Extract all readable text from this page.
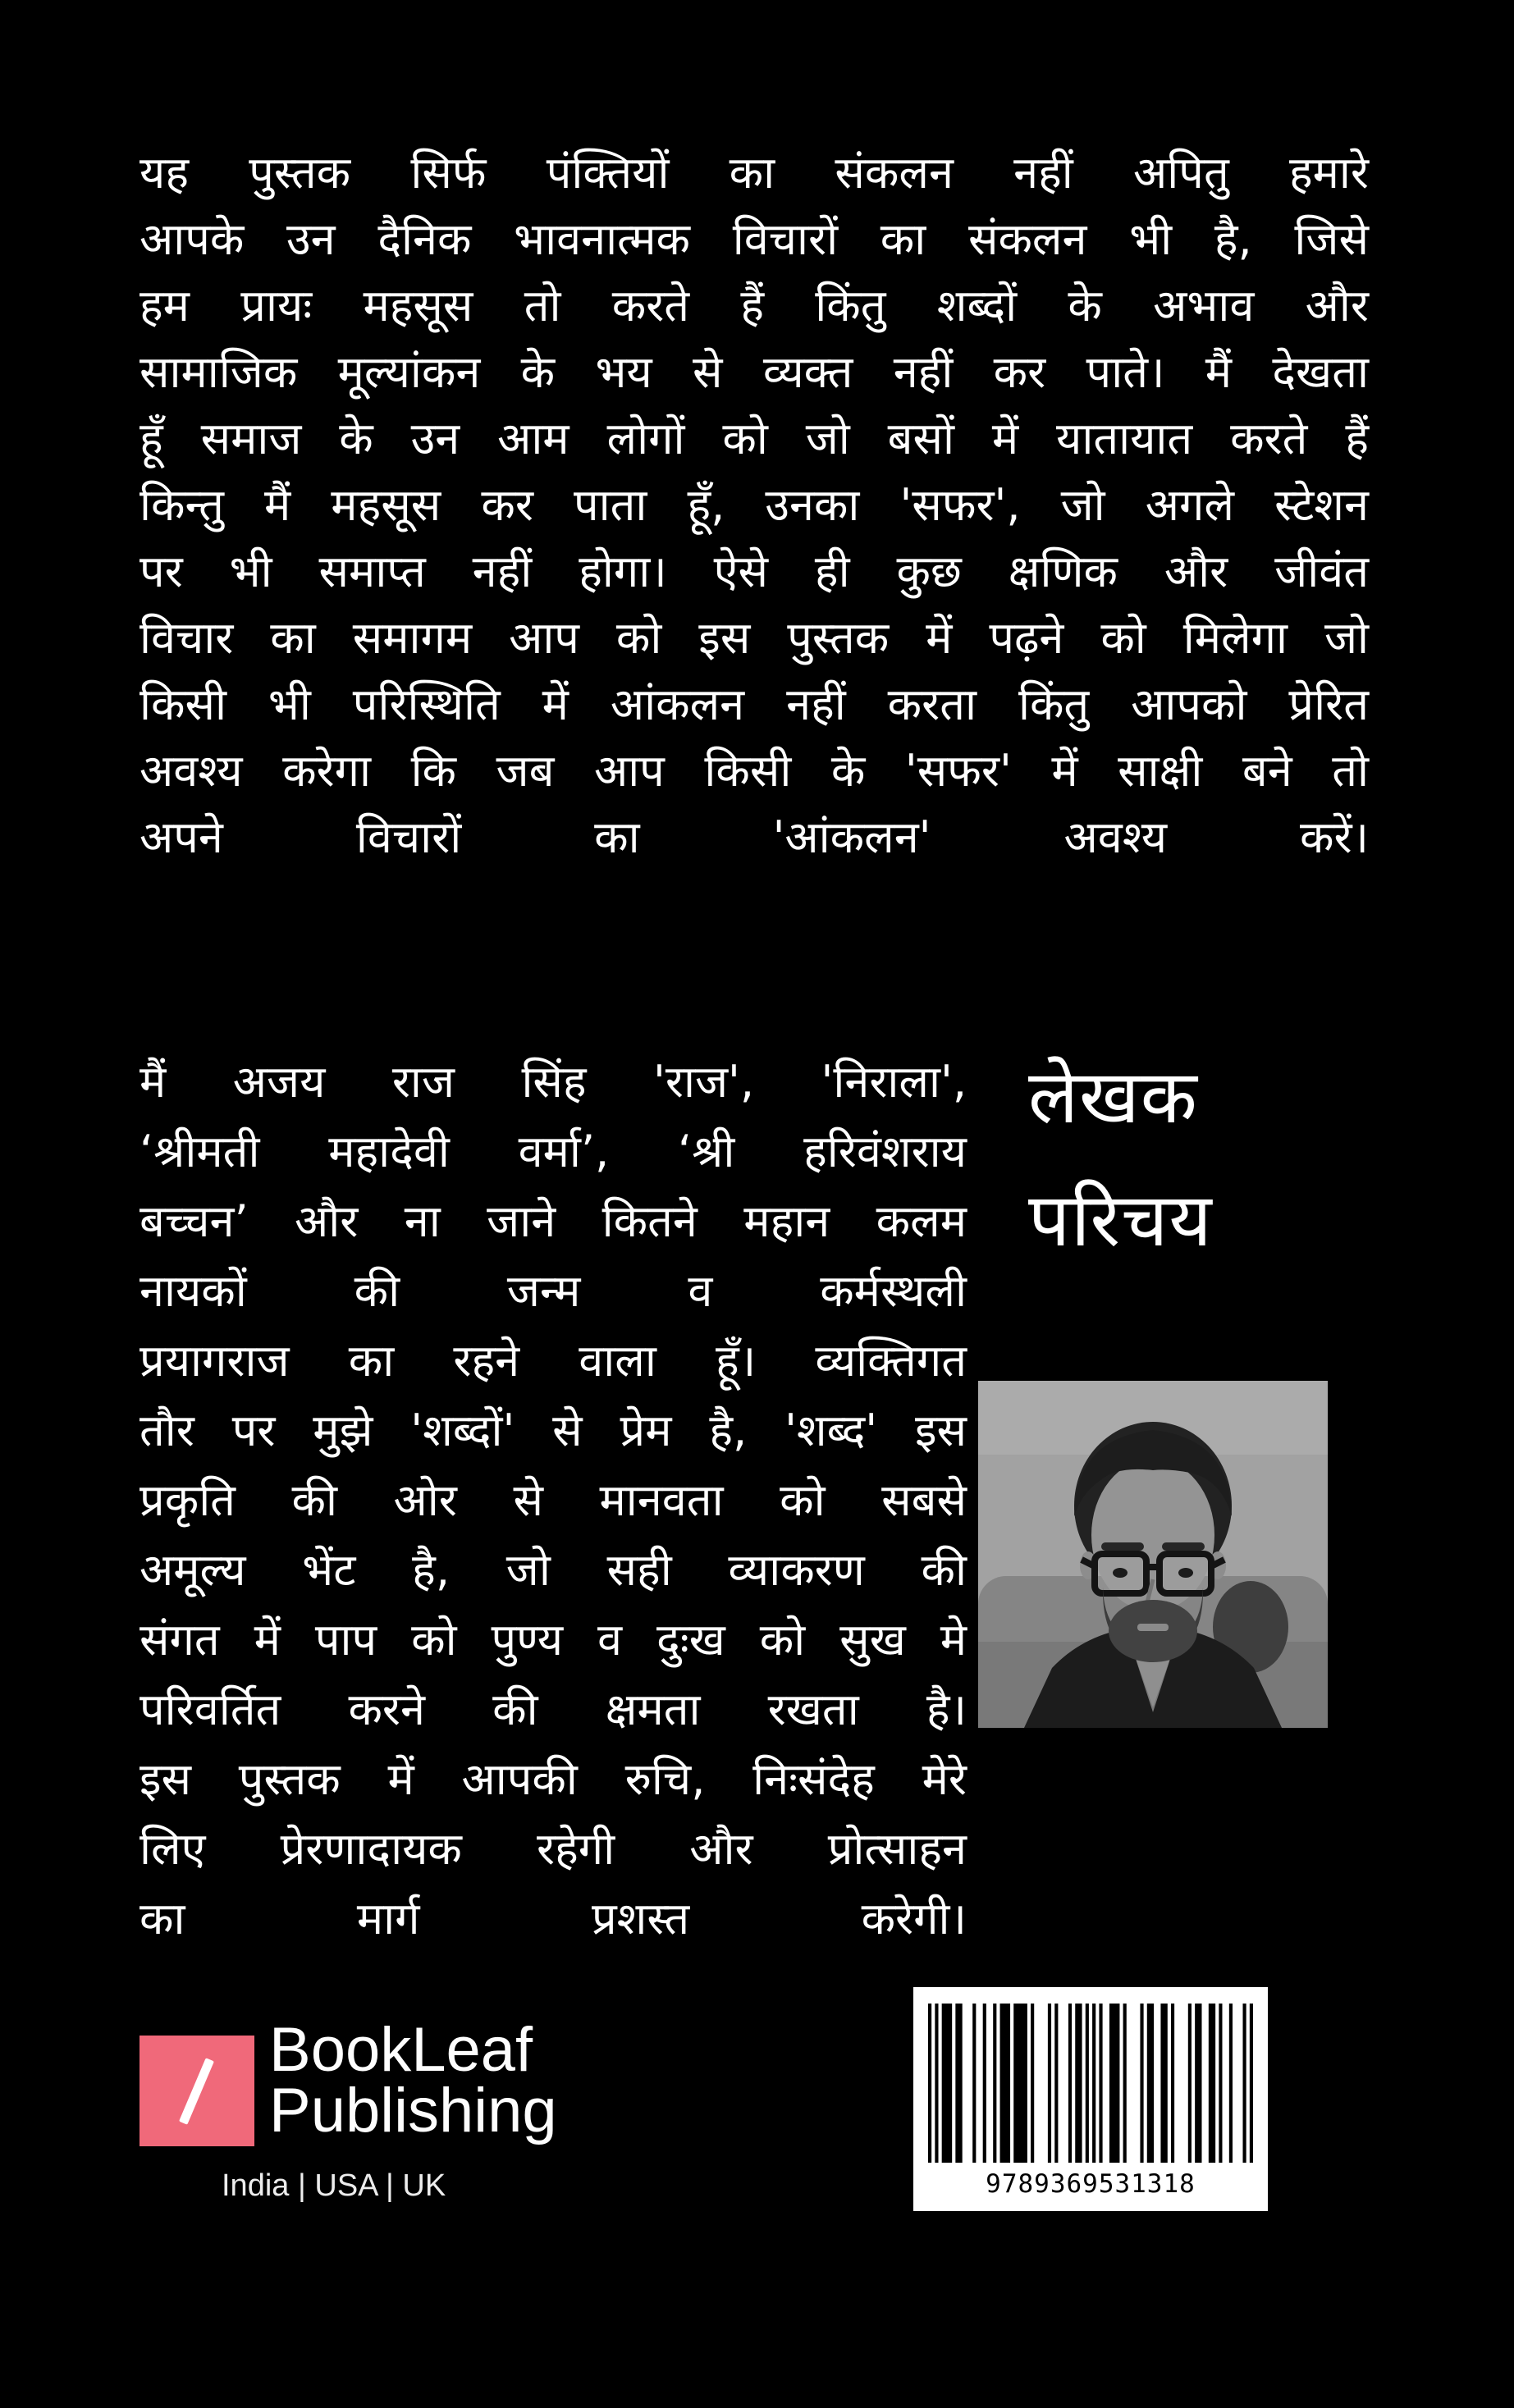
यह पुस्तक सिर्फ पंक्तियों का संकलन नहीं अपितु हमारे
आपके उन दैनिक भावनात्मक विचारों का संकलन भी है, जिसे
हम प्रायः महसूस तो करते हैं किंतु शब्दों के अभाव और
सामाजिक मूल्यांकन के भय से व्यक्त नहीं कर पाते। मैं देखता
हूँ समाज के उन आम लोगों को जो बसों में यातायात करते हैं
किन्तु मैं महसूस कर पाता हूँ, उनका 'सफर', जो अगले स्टेशन
पर भी समाप्त नहीं होगा। ऐसे ही कुछ क्षणिक और जीवंत
विचार का समागम आप को इस पुस्तक में पढ़ने को मिलेगा जो
किसी भी परिस्थिति में आंकलन नहीं करता किंतु आपको प्रेरित
अवश्य करेगा कि जब आप किसी के 'सफर' में साक्षी बने तो
अपने विचारों का 'आंकलन' अवश्य करें।
मैं अजय राज सिंह 'राज', 'निराला',
‘श्रीमती महादेवी वर्मा’, ‘श्री हरिवंशराय
बच्चन’ और ना जाने कितने महान कलम
नायकों की जन्म व कर्मस्थली
प्रयागराज का रहने वाला हूँ। व्यक्तिगत
तौर पर मुझे 'शब्दों' से प्रेम है, 'शब्द' इस
प्रकृति की ओर से मानवता को सबसे
अमूल्य भेंट है, जो सही व्याकरण की
संगत में पाप को पुण्य व दुःख को सुख मे
परिवर्तित करने की क्षमता रखता है।
इस पुस्तक में आपकी रुचि, निःसंदेह मेरे
लिए प्रेरणादायक रहेगी और प्रोत्साहन
का मार्ग प्रशस्त करेगी।
लेखक
परिचय
BookLeaf
Publishing
India | USA | UK	9789369531318
